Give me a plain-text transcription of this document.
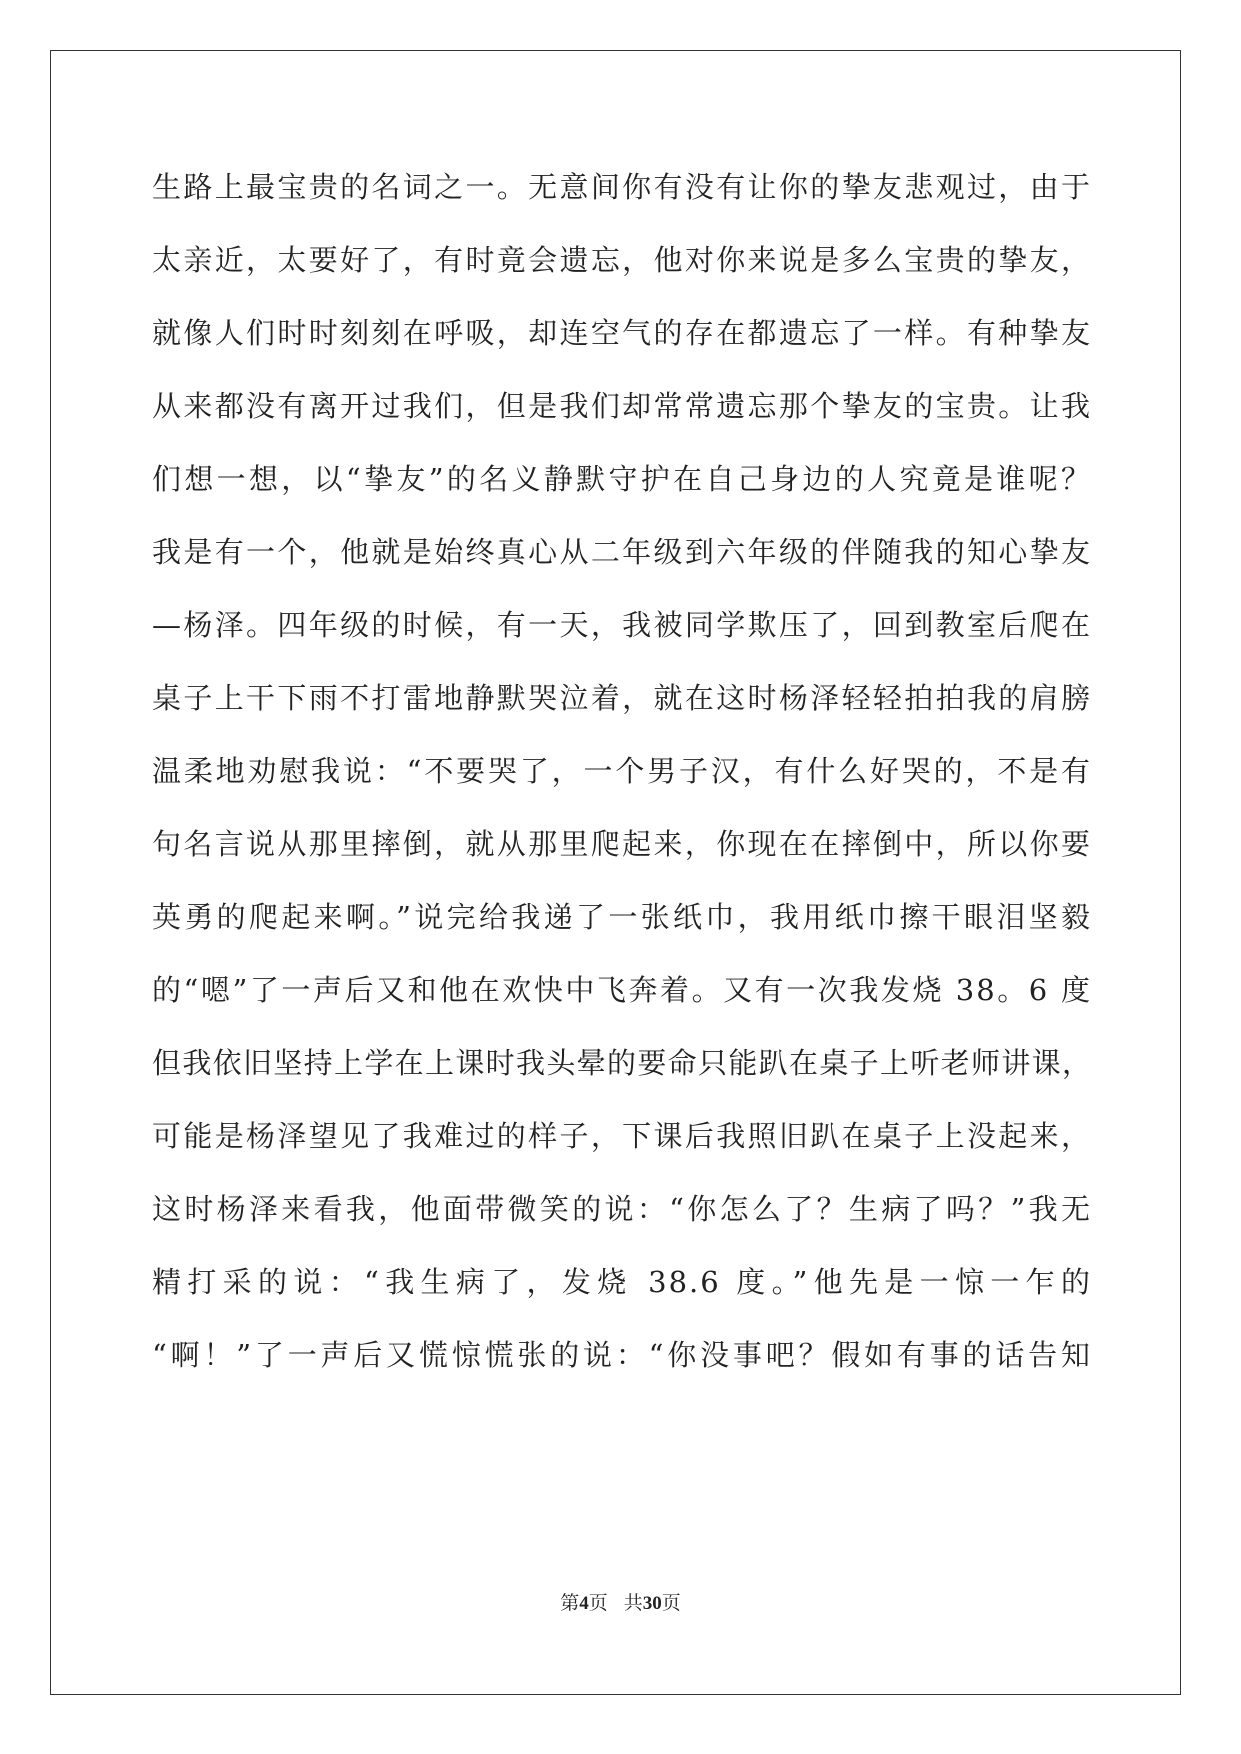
生路上最宝贵的名词之一。无意间你有没有让你的挚友悲观过，由于
太亲近，太要好了，有时竟会遗忘，他对你来说是多么宝贵的挚友，
就像人们时时刻刻在呼吸，却连空气的存在都遗忘了一样。有种挚友
从来都没有离开过我们，但是我们却常常遗忘那个挚友的宝贵。让我
们想一想，以“挚友”的名义静默守护在自己身边的人究竟是谁呢？
我是有一个，他就是始终真心从二年级到六年级的伴随我的知心挚友
—杨泽。四年级的时候，有一天，我被同学欺压了，回到教室后爬在
桌子上干下雨不打雷地静默哭泣着，就在这时杨泽轻轻拍拍我的肩膀
温柔地劝慰我说：“不要哭了，一个男子汉，有什么好哭的，不是有
句名言说从那里摔倒，就从那里爬起来，你现在在摔倒中，所以你要
英勇的爬起来啊。”说完给我递了一张纸巾，我用纸巾擦干眼泪坚毅
的“嗯”了一声后又和他在欢快中飞奔着。又有一次我发烧 38。6 度
但我依旧坚持上学在上课时我头晕的要命只能趴在桌子上听老师讲课，
可能是杨泽望见了我难过的样子，下课后我照旧趴在桌子上没起来，
这时杨泽来看我，他面带微笑的说：“你怎么了？生病了吗？”我无
精打采的说：“我生病了，发烧 38.6 度。”他先是一惊一乍的
“啊！”了一声后又慌惊慌张的说：“你没事吧？假如有事的话告知
第4页 共30页
